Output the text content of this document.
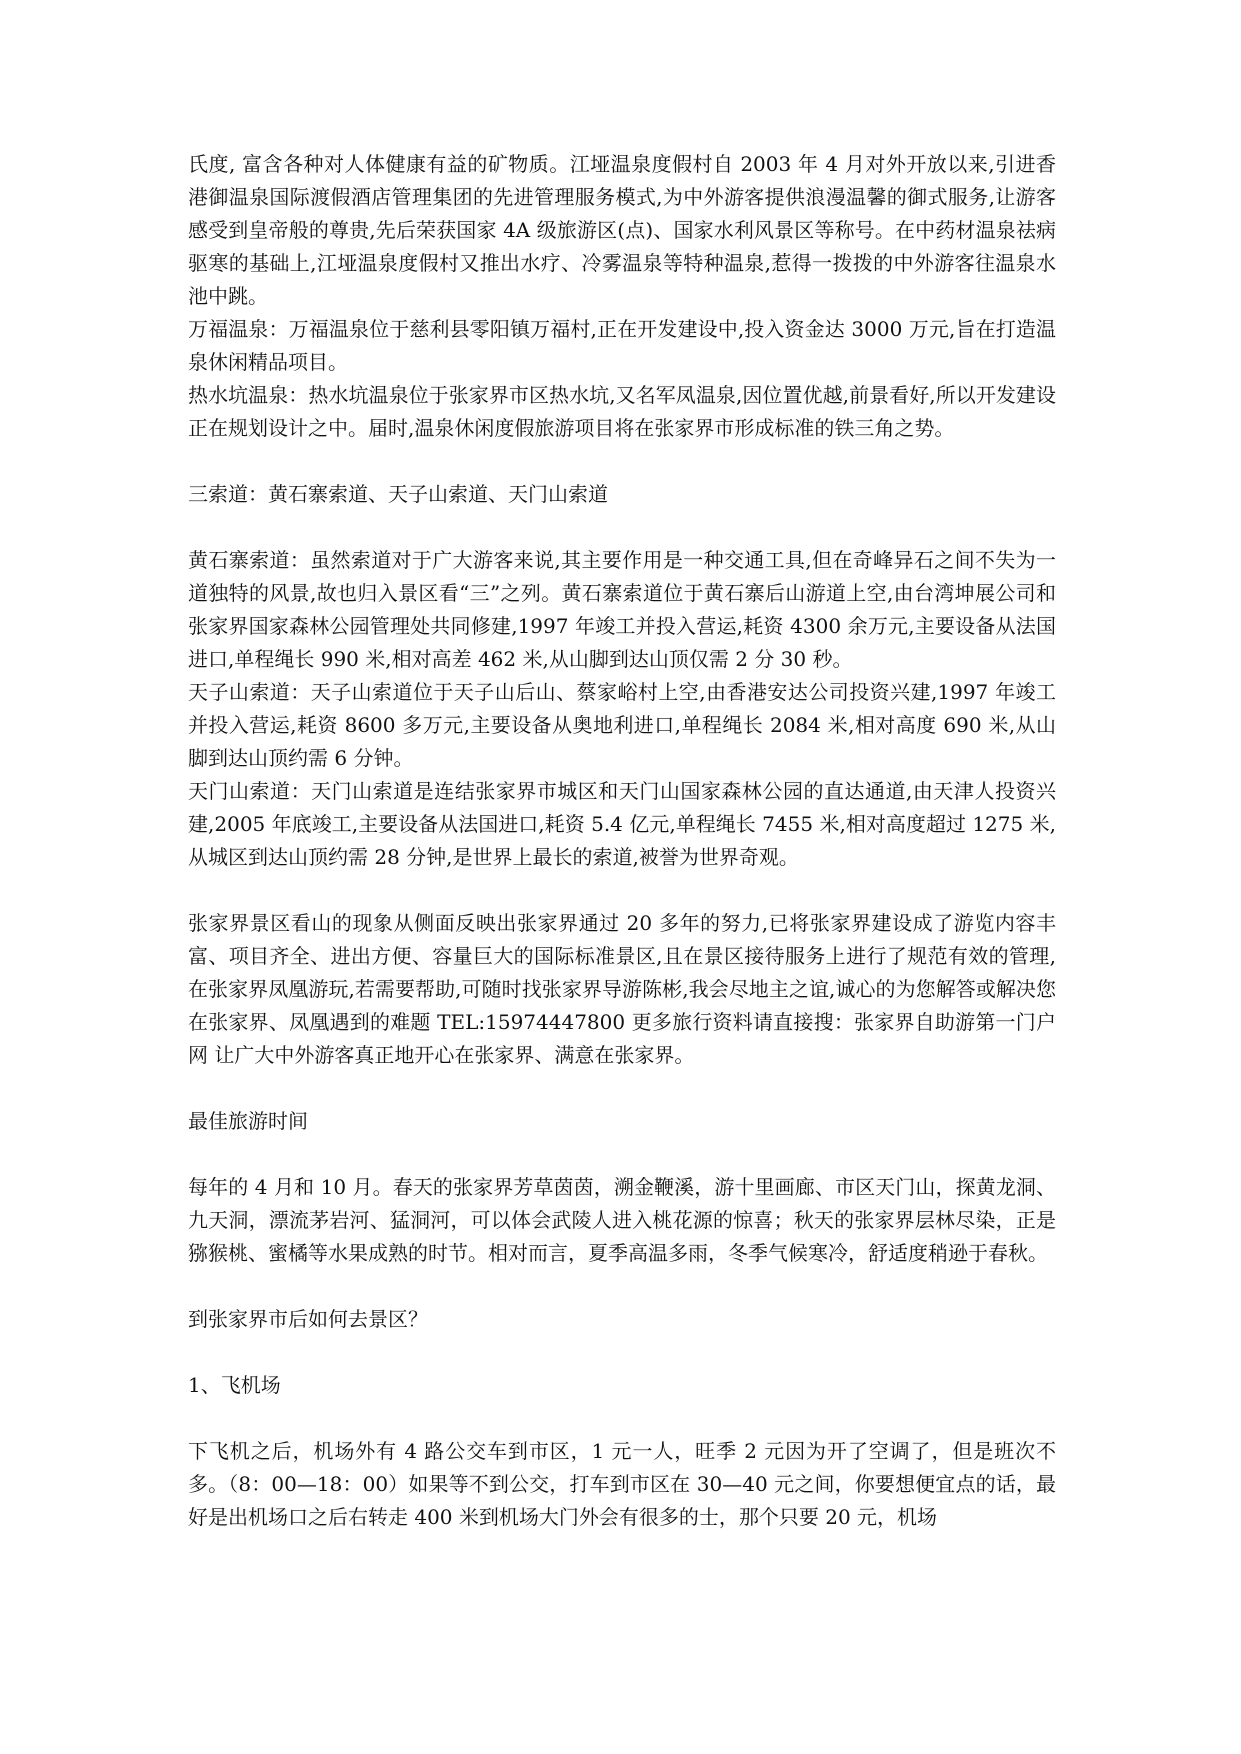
氏度, 富含各种对人体健康有益的矿物质。江垭温泉度假村自 2003 年 4 月对外开放以来,引进香港御温泉国际渡假酒店管理集团的先进管理服务模式,为中外游客提供浪漫温馨的御式服务,让游客感受到皇帝般的尊贵,先后荣获国家 4A 级旅游区(点)、国家水利风景区等称号。在中药材温泉祛病驱寒的基础上,江垭温泉度假村又推出水疗、冷雾温泉等特种温泉,惹得一拨拨的中外游客往温泉水池中跳。

万福温泉：万福温泉位于慈利县零阳镇万福村,正在开发建设中,投入资金达 3000 万元,旨在打造温泉休闲精品项目。

热水坑温泉：热水坑温泉位于张家界市区热水坑,又名军凤温泉,因位置优越,前景看好,所以开发建设正在规划设计之中。届时,温泉休闲度假旅游项目将在张家界市形成标准的铁三角之势。

三索道：黄石寨索道、天子山索道、天门山索道

黄石寨索道：虽然索道对于广大游客来说,其主要作用是一种交通工具,但在奇峰异石之间不失为一道独特的风景,故也归入景区看“三”之列。黄石寨索道位于黄石寨后山游道上空,由台湾坤展公司和张家界国家森林公园管理处共同修建,1997 年竣工并投入营运,耗资 4300 余万元,主要设备从法国进口,单程绳长 990 米,相对高差 462 米,从山脚到达山顶仅需 2 分 30 秒。

天子山索道：天子山索道位于天子山后山、蔡家峪村上空,由香港安达公司投资兴建,1997 年竣工并投入营运,耗资 8600 多万元,主要设备从奥地利进口,单程绳长 2084 米,相对高度 690 米,从山脚到达山顶约需 6 分钟。

天门山索道：天门山索道是连结张家界市城区和天门山国家森林公园的直达通道,由天津人投资兴建,2005 年底竣工,主要设备从法国进口,耗资 5.4 亿元,单程绳长 7455 米,相对高度超过 1275 米,从城区到达山顶约需 28 分钟,是世界上最长的索道,被誉为世界奇观。

张家界景区看山的现象从侧面反映出张家界通过 20 多年的努力,已将张家界建设成了游览内容丰富、项目齐全、进出方便、容量巨大的国际标准景区,且在景区接待服务上进行了规范有效的管理,在张家界凤凰游玩,若需要帮助,可随时找张家界导游陈彬,我会尽地主之谊,诚心的为您解答或解决您在张家界、凤凰遇到的难题 TEL:15974447800 更多旅行资料请直接搜：张家界自助游第一门户网 让广大中外游客真正地开心在张家界、满意在张家界。

最佳旅游时间

每年的 4 月和 10 月。春天的张家界芳草茵茵，溯金鞭溪，游十里画廊、市区天门山，探黄龙洞、九天洞，漂流茅岩河、猛洞河，可以体会武陵人进入桃花源的惊喜；秋天的张家界层林尽染，正是猕猴桃、蜜橘等水果成熟的时节。相对而言，夏季高温多雨，冬季气候寒冷，舒适度稍逊于春秋。

到张家界市后如何去景区？

1、飞机场

下飞机之后，机场外有 4 路公交车到市区，1 元一人，旺季 2 元因为开了空调了，但是班次不多。（8：00—18：00）如果等不到公交，打车到市区在 30—40 元之间，你要想便宜点的话，最好是出机场口之后右转走 400 米到机场大门外会有很多的士，那个只要 20 元，机场
